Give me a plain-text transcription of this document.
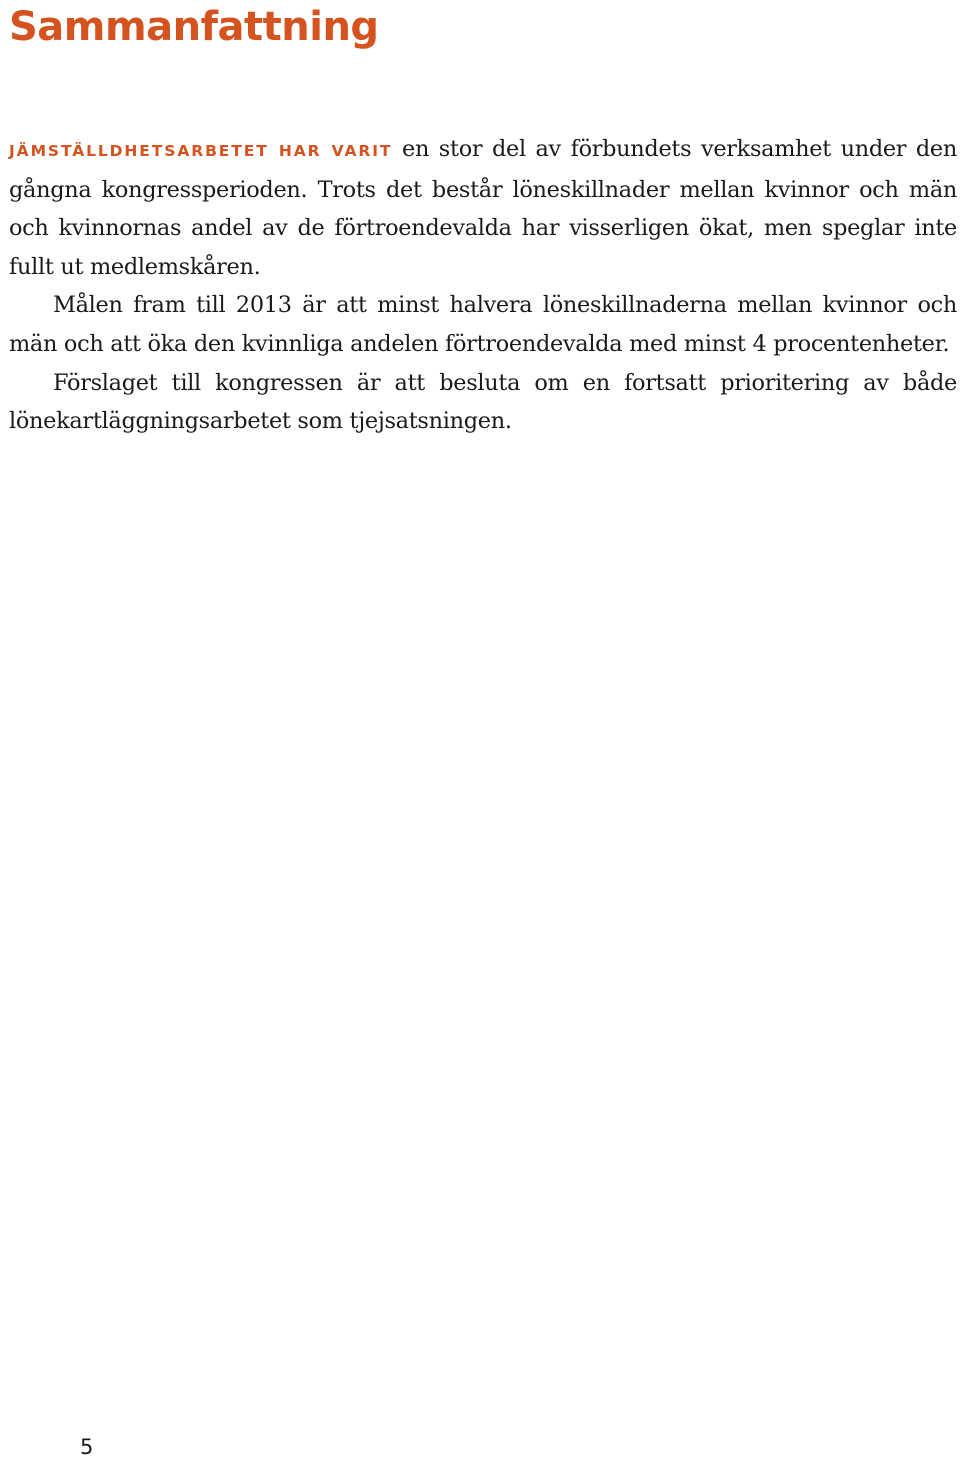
Sammanfattning

JÄMSTÄLLDHETSARBETET HAR VARIT en stor del av förbundets verksamhet under den gångna kongressperioden. Trots det består löneskillnader mellan kvinnor och män och kvinnornas andel av de förtroendevalda har visserligen ökat, men speglar inte fullt ut medlemskåren.

Målen fram till 2013 är att minst halvera löneskillnaderna mellan kvinnor och män och att öka den kvinnliga andelen förtroendevalda med minst 4 procentenheter.

Förslaget till kongressen är att besluta om en fortsatt prioritering av både lönekartläggningsarbetet som tjejsatsningen.

5
